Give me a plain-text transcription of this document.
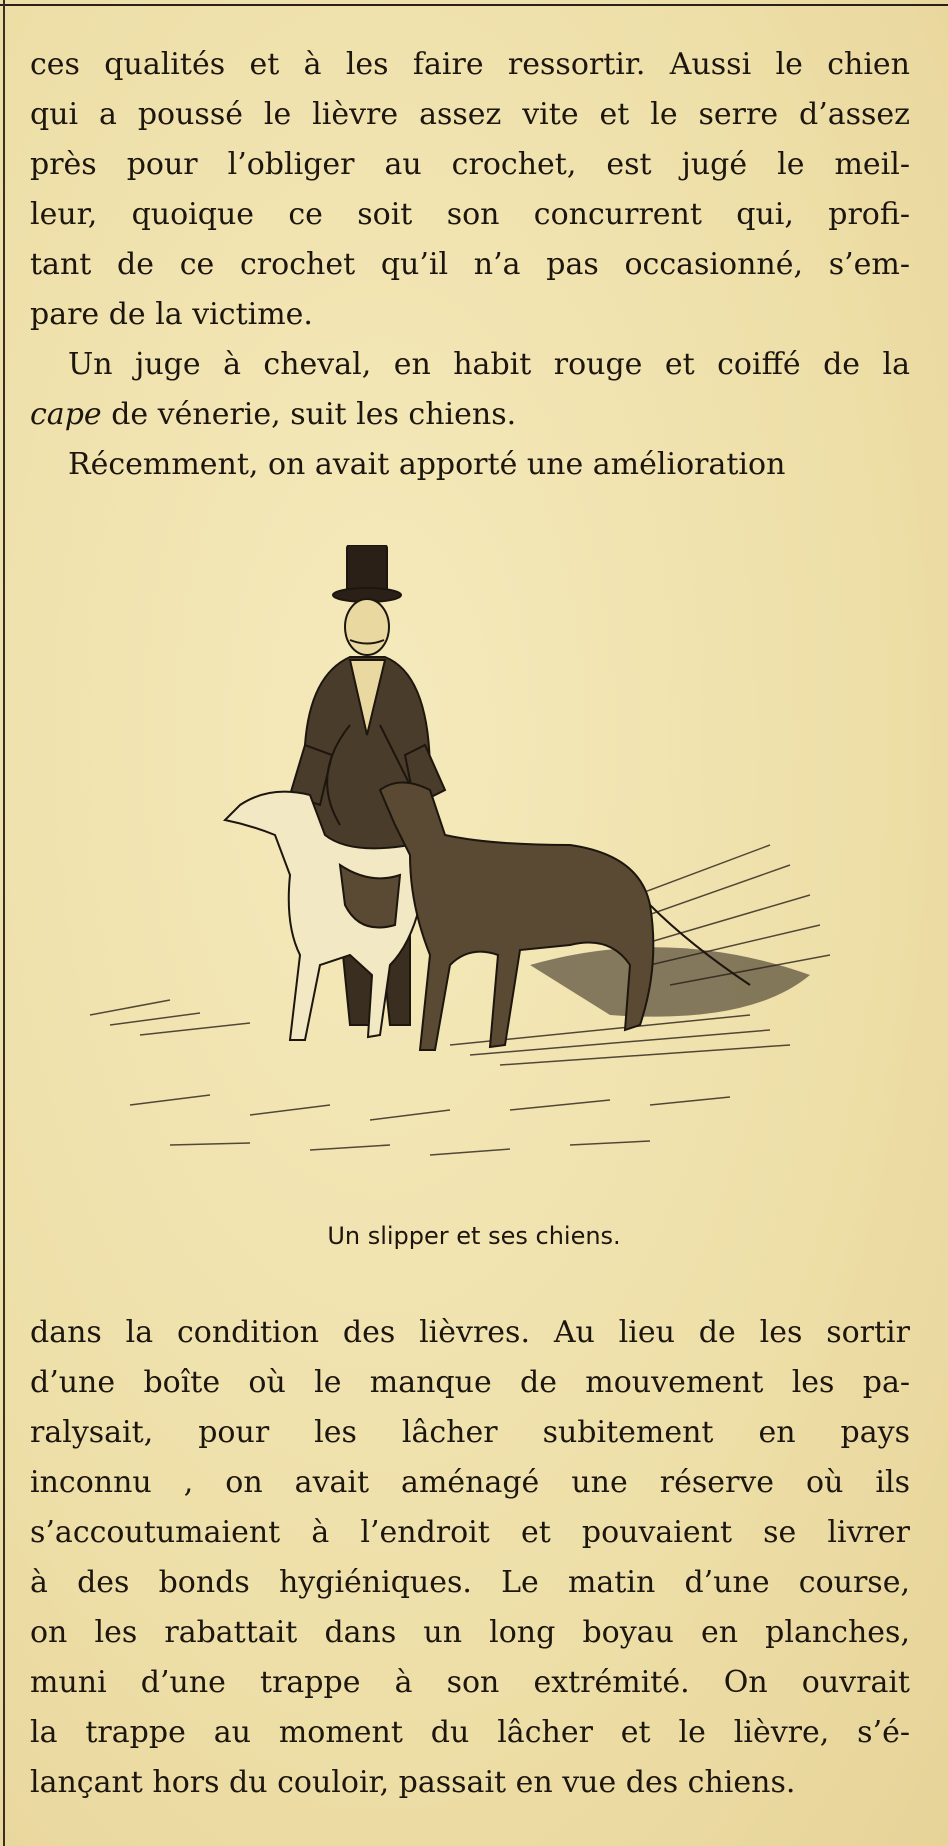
ces qualités et à les faire ressortir. Aussi le chien
qui a poussé le lièvre assez vite et le serre d’assez
près pour l’obliger au crochet, est jugé le meil-
leur, quoique ce soit son concurrent qui, profi-
tant de ce crochet qu’il n’a pas occasionné, s’em-
pare de la victime.

Un juge à cheval, en habit rouge et coiffé de la
cape de vénerie, suit les chiens.

Récemment, on avait apporté une amélioration

Un slipper et ses chiens.

dans la condition des lièvres. Au lieu de les sortir
d’une boîte où le manque de mouvement les pa-
ralysait, pour les lâcher subitement en pays
inconnu , on avait aménagé une réserve où ils
s’accoutumaient à l’endroit et pouvaient se livrer
à des bonds hygiéniques. Le matin d’une course,
on les rabattait dans un long boyau en planches,
muni d’une trappe à son extrémité. On ouvrait
la trappe au moment du lâcher et le lièvre, s’é-
lançant hors du couloir, passait en vue des chiens.
